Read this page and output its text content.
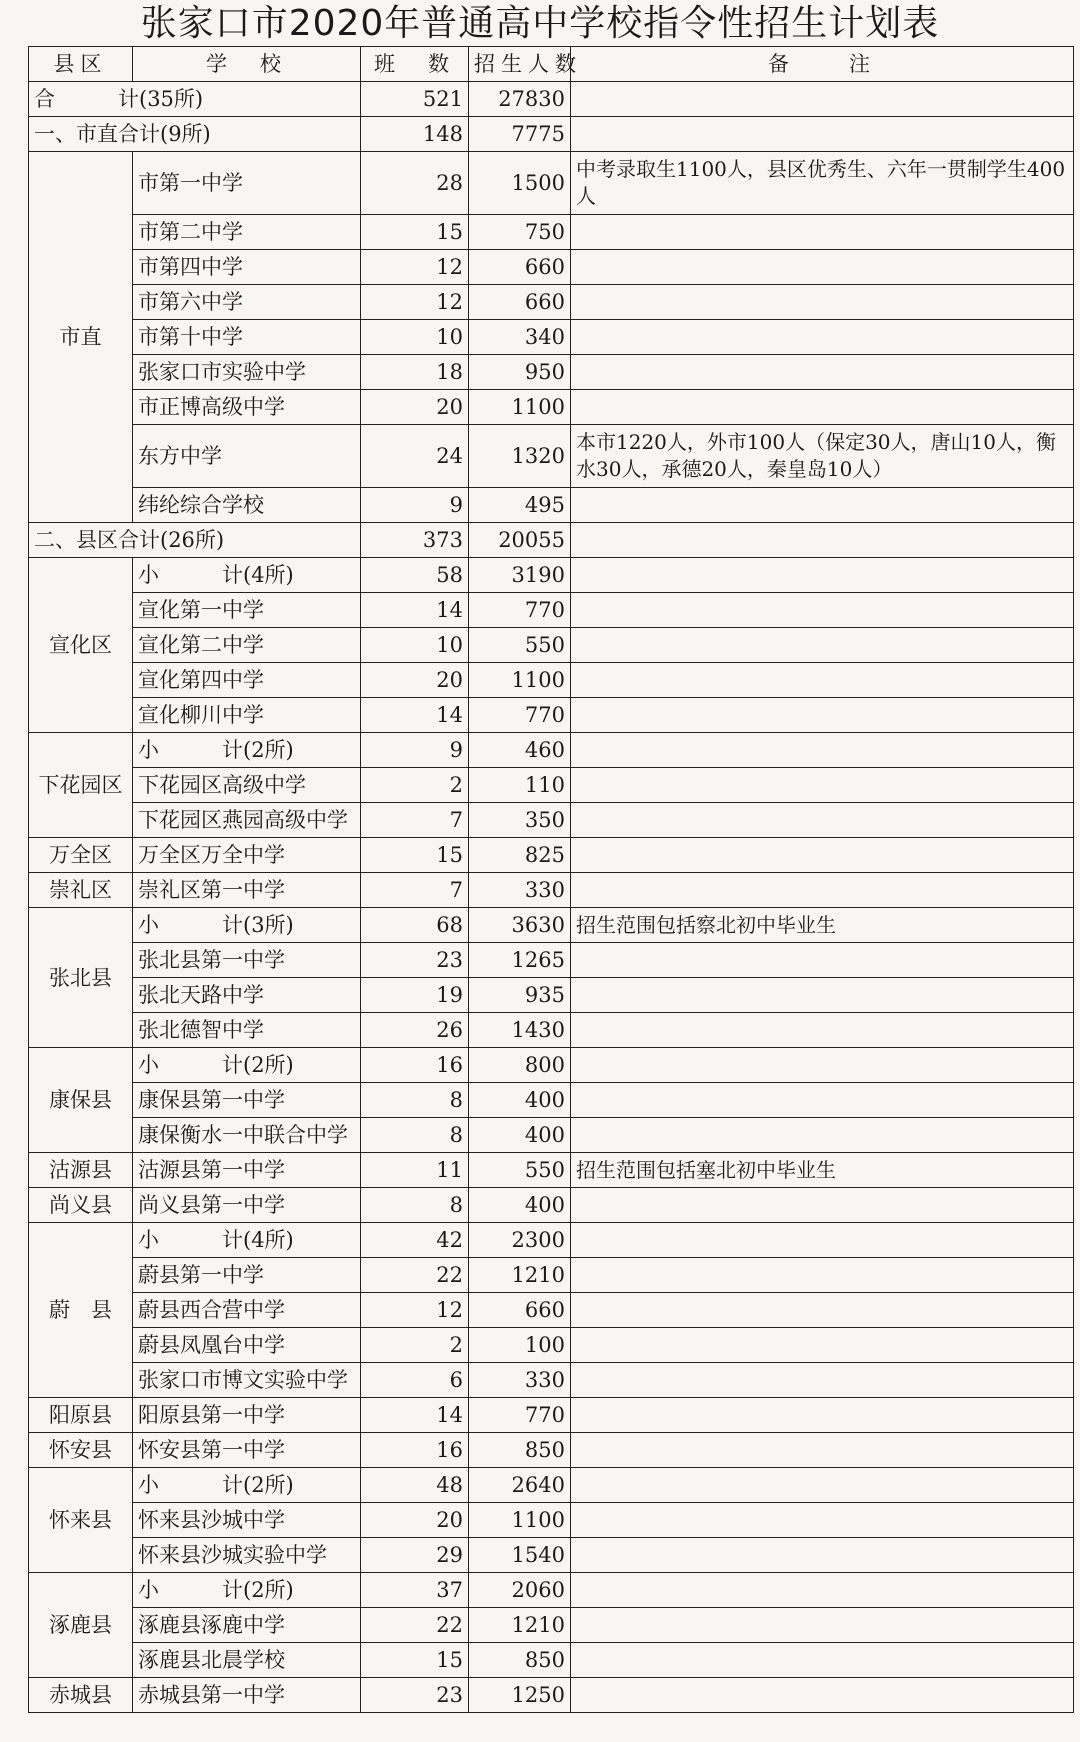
张家口市2020年普通高中学校指令性招生计划表
县区	学　校	班　数	招生人数	备　　注
合　　　计(35所)		521	27830	
一、市直合计(9所)		148	7775	
市直	市第一中学	28	1500	中考录取生1100人，县区优秀生、六年一贯制学生400人
	市第二中学	15	750	
	市第四中学	12	660	
	市第六中学	12	660	
	市第十中学	10	340	
	张家口市实验中学	18	950	
	市正博高级中学	20	1100	
	东方中学	24	1320	本市1220人，外市100人（保定30人，唐山10人，衡水30人，承德20人，秦皇岛10人）
	纬纶综合学校	9	495	
二、县区合计(26所)		373	20055	
宣化区	小　　　计(4所)	58	3190	
	宣化第一中学	14	770	
	宣化第二中学	10	550	
	宣化第四中学	20	1100	
	宣化柳川中学	14	770	
下花园区	小　　　计(2所)	9	460	
	下花园区高级中学	2	110	
	下花园区燕园高级中学	7	350	
万全区	万全区万全中学	15	825	
崇礼区	崇礼区第一中学	7	330	
张北县	小　　　计(3所)	68	3630	招生范围包括察北初中毕业生
	张北县第一中学	23	1265	
	张北天路中学	19	935	
	张北德智中学	26	1430	
康保县	小　　　计(2所)	16	800	
	康保县第一中学	8	400	
	康保衡水一中联合中学	8	400	
沽源县	沽源县第一中学	11	550	招生范围包括塞北初中毕业生
尚义县	尚义县第一中学	8	400	
蔚　县	小　　　计(4所)	42	2300	
	蔚县第一中学	22	1210	
	蔚县西合营中学	12	660	
	蔚县凤凰台中学	2	100	
	张家口市博文实验中学	6	330	
阳原县	阳原县第一中学	14	770	
怀安县	怀安县第一中学	16	850	
怀来县	小　　　计(2所)	48	2640	
	怀来县沙城中学	20	1100	
	怀来县沙城实验中学	29	1540	
涿鹿县	小　　　计(2所)	37	2060	
	涿鹿县涿鹿中学	22	1210	
	涿鹿县北晨学校	15	850	
赤城县	赤城县第一中学	23	1250	
